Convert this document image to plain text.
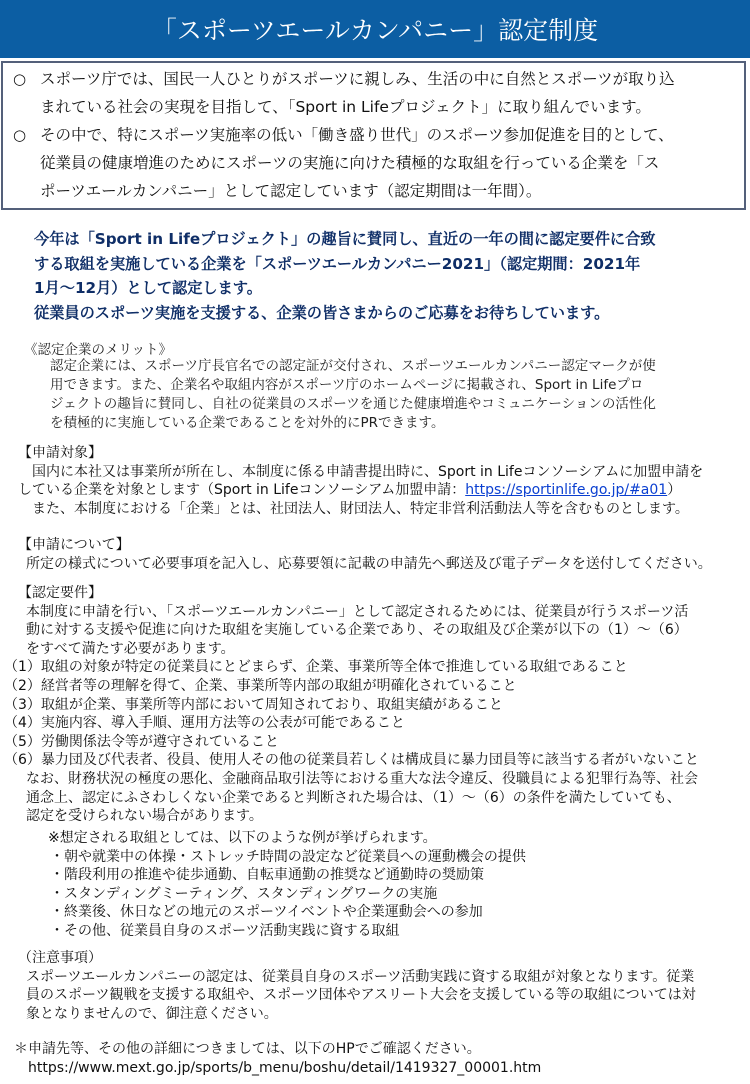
「スポーツエールカンパニー」認定制度
○ スポーツ庁では、国民一人ひとりがスポーツに親しみ、生活の中に自然とスポーツが取り込
まれている社会の実現を目指して、「Sport in Lifeプロジェクト」に取り組んでいます。
○ その中で、特にスポーツ実施率の低い「働き盛り世代」のスポーツ参加促進を目的として、
従業員の健康増進のためにスポーツの実施に向けた積極的な取組を行っている企業を「ス
ポーツエールカンパニー」として認定しています（認定期間は一年間）。
今年は「Sport in Lifeプロジェクト」の趣旨に賛同し、直近の一年の間に認定要件に合致
する取組を実施している企業を「スポーツエールカンパニー2021」（認定期間：2021年
1月～12月）として認定します。
従業員のスポーツ実施を支援する、企業の皆さまからのご応募をお待ちしています。
《認定企業のメリット》
認定企業には、スポーツ庁長官名での認定証が交付され、スポーツエールカンパニー認定マークが使
用できます。また、企業名や取組内容がスポーツ庁のホームページに掲載され、Sport in Lifeプロ
ジェクトの趣旨に賛同し、自社の従業員のスポーツを通じた健康増進やコミュニケーションの活性化
を積極的に実施している企業であることを対外的にPRできます。
【申請対象】
　国内に本社又は事業所が所在し、本制度に係る申請書提出時に、Sport in Lifeコンソーシアムに加盟申請を
している企業を対象とします（Sport in Lifeコンソーシアム加盟申請：https://sportinlife.go.jp/#a01）
　また、本制度における「企業」とは、社団法人、財団法人、特定非営利活動法人等を含むものとします。
【申請について】
所定の様式について必要事項を記入し、応募要領に記載の申請先へ郵送及び電子データを送付してください。
【認定要件】
本制度に申請を行い、「スポーツエールカンパニー」として認定されるためには、従業員が行うスポーツ活
動に対する支援や促進に向けた取組を実施している企業であり、その取組及び企業が以下の（1）～（6）
をすべて満たす必要があります。
（1）取組の対象が特定の従業員にとどまらず、企業、事業所等全体で推進している取組であること
（2）経営者等の理解を得て、企業、事業所等内部の取組が明確化されていること
（3）取組が企業、事業所等内部において周知されており、取組実績があること
（4）実施内容、導入手順、運用方法等の公表が可能であること
（5）労働関係法令等が遵守されていること
（6）暴力団及び代表者、役員、使用人その他の従業員若しくは構成員に暴力団員等に該当する者がいないこと
なお、財務状況の極度の悪化、金融商品取引法等における重大な法令違反、役職員による犯罪行為等、社会
通念上、認定にふさわしくない企業であると判断された場合は、（1）～（6）の条件を満たしていても、
認定を受けられない場合があります。
※想定される取組としては、以下のような例が挙げられます。
・朝や就業中の体操・ストレッチ時間の設定など従業員への運動機会の提供
・階段利用の推進や徒歩通勤、自転車通勤の推奨など通勤時の奨励策
・スタンディングミーティング、スタンディングワークの実施
・終業後、休日などの地元のスポーツイベントや企業運動会への参加
・その他、従業員自身のスポーツ活動実践に資する取組
（注意事項）
スポーツエールカンパニーの認定は、従業員自身のスポーツ活動実践に資する取組が対象となります。従業
員のスポーツ観戦を支援する取組や、スポーツ団体やアスリート大会を支援している等の取組については対
象となりませんので、御注意ください。
＊申請先等、その他の詳細につきましては、以下のHPでご確認ください。
https://www.mext.go.jp/sports/b_menu/boshu/detail/1419327_00001.htm
